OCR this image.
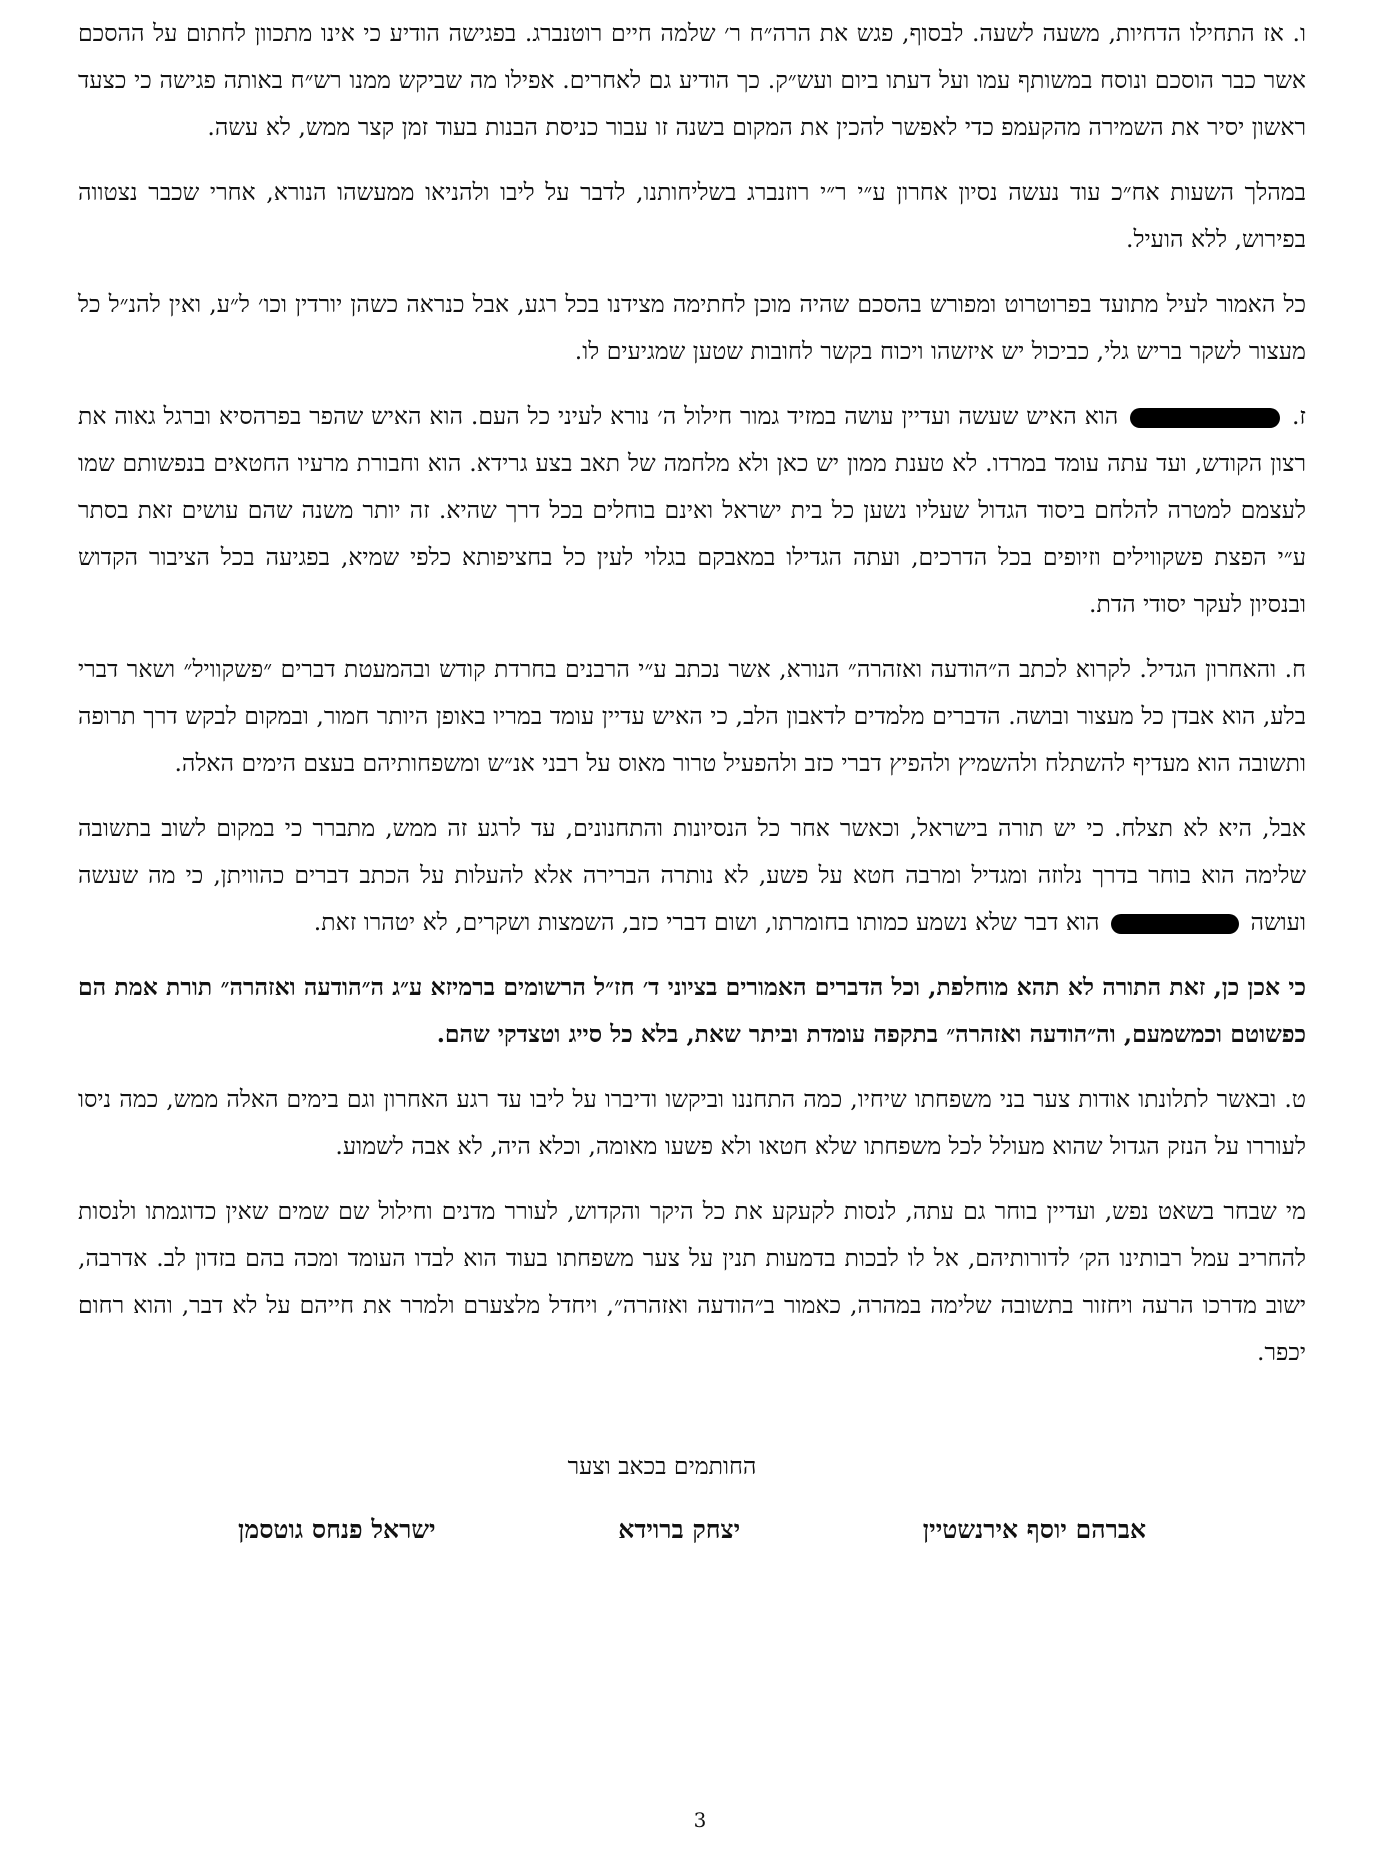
ו. אז התחילו הדחיות, משעה לשעה. לבסוף, פגש את הרה״ח ר׳ שלמה חיים רוטנברג. בפגישה הודיע כי אינו מתכוון לחתום על ההסכם אשר כבר הוסכם ונוסח במשותף עמו ועל דעתו ביום ועש״ק. כך הודיע גם לאחרים. אפילו מה שביקש ממנו רש״ח באותה פגישה כי כצעד ראשון יסיר את השמירה מהקעמפ כדי לאפשר להכין את המקום בשנה זו עבור כניסת הבנות בעוד זמן קצר ממש, לא עשה.

במהלך השעות אח״כ עוד נעשה נסיון אחרון ע״י ר״י רוזנברג בשליחותנו, לדבר על ליבו ולהניאו ממעשהו הנורא, אחרי שכבר נצטווה בפירוש, ללא הועיל.

כל האמור לעיל מתועד בפרוטרוט ומפורש בהסכם שהיה מוכן לחתימה מצידנו בכל רגע, אבל כנראה כשהן יורדין וכו׳ ל״ע, ואין להנ״ל כל מעצור לשקר בריש גלי, כביכול יש איזשהו ויכוח בקשר לחובות שטען שמגיעים לו.

ז.  הוא האיש שעשה ועדיין עושה במזיד גמור חילול ה׳ נורא לעיני כל העם. הוא האיש שהפר בפרהסיא וברגל גאוה את רצון הקודש, ועד עתה עומד במרדו. לא טענת ממון יש כאן ולא מלחמה של תאב בצע גרידא. הוא וחבורת מרעיו החטאים בנפשותם שמו לעצמם למטרה להלחם ביסוד הגדול שעליו נשען כל בית ישראל ואינם בוחלים בכל דרך שהיא. זה יותר משנה שהם עושים זאת בסתר ע״י הפצת פשקווילים וזיופים בכל הדרכים, ועתה הגדילו במאבקם בגלוי לעין כל בחציפותא כלפי שמיא, בפגיעה בכל הציבור הקדוש ובנסיון לעקר יסודי הדת.

ח. והאחרון הגדיל. לקרוא לכתב ה״הודעה ואזהרה״ הנורא, אשר נכתב ע״י הרבנים בחרדת קודש ובהמעטת דברים ״פשקוויל״ ושאר דברי בלע, הוא אבדן כל מעצור ובושה. הדברים מלמדים לדאבון הלב, כי האיש עדיין עומד במריו באופן היותר חמור, ובמקום לבקש דרך תרופה ותשובה הוא מעדיף להשתלח ולהשמיץ ולהפיץ דברי כזב ולהפעיל טרור מאוס על רבני אנ״ש ומשפחותיהם בעצם הימים האלה.

אבל, היא לא תצלח. כי יש תורה בישראל, וכאשר אחר כל הנסיונות והתחנונים, עד לרגע זה ממש, מתברר כי במקום לשוב בתשובה שלימה הוא בוחר בדרך נלוזה ומגדיל ומרבה חטא על פשע, לא נותרה הברירה אלא להעלות על הכתב דברים כהוויתן, כי מה שעשה ועושה  הוא דבר שלא נשמע כמותו בחומרתו, ושום דברי כזב, השמצות ושקרים, לא יטהרו זאת.

כי אכן כן, זאת התורה לא תהא מוחלפת, וכל הדברים האמורים בציוני ד׳ חז״ל הרשומים ברמיזא ע״ג ה״הודעה ואזהרה״ תורת אמת הם כפשוטם וכמשמעם, וה״הודעה ואזהרה״ בתקפה עומדת וביתר שאת, בלא כל סייג וטצדקי שהם.

ט. ובאשר לתלונתו אודות צער בני משפחתו שיחיו, כמה התחננו וביקשו ודיברו על ליבו עד רגע האחרון וגם בימים האלה ממש, כמה ניסו לעוררו על הנזק הגדול שהוא מעולל לכל משפחתו שלא חטאו ולא פשעו מאומה, וכלא היה, לא אבה לשמוע.

מי שבחר בשאט נפש, ועדיין בוחר גם עתה, לנסות לקעקע את כל היקר והקדוש, לעורר מדנים וחילול שם שמים שאין כדוגמתו ולנסות להחריב עמל רבותינו הק׳ לדורותיהם, אל לו לבכות בדמעות תנין על צער משפחתו בעוד הוא לבדו העומד ומכה בהם בזדון לב. אדרבה, ישוב מדרכו הרעה ויחזור בתשובה שלימה במהרה, כאמור ב״הודעה ואזהרה״, ויחדל מלצערם ולמרר את חייהם על לא דבר, והוא רחום יכפר.

החותמים בכאב וצער
אברהם יוסף אירנשטיין
יצחק ברוידא
ישראל פנחס גוטסמן
3
